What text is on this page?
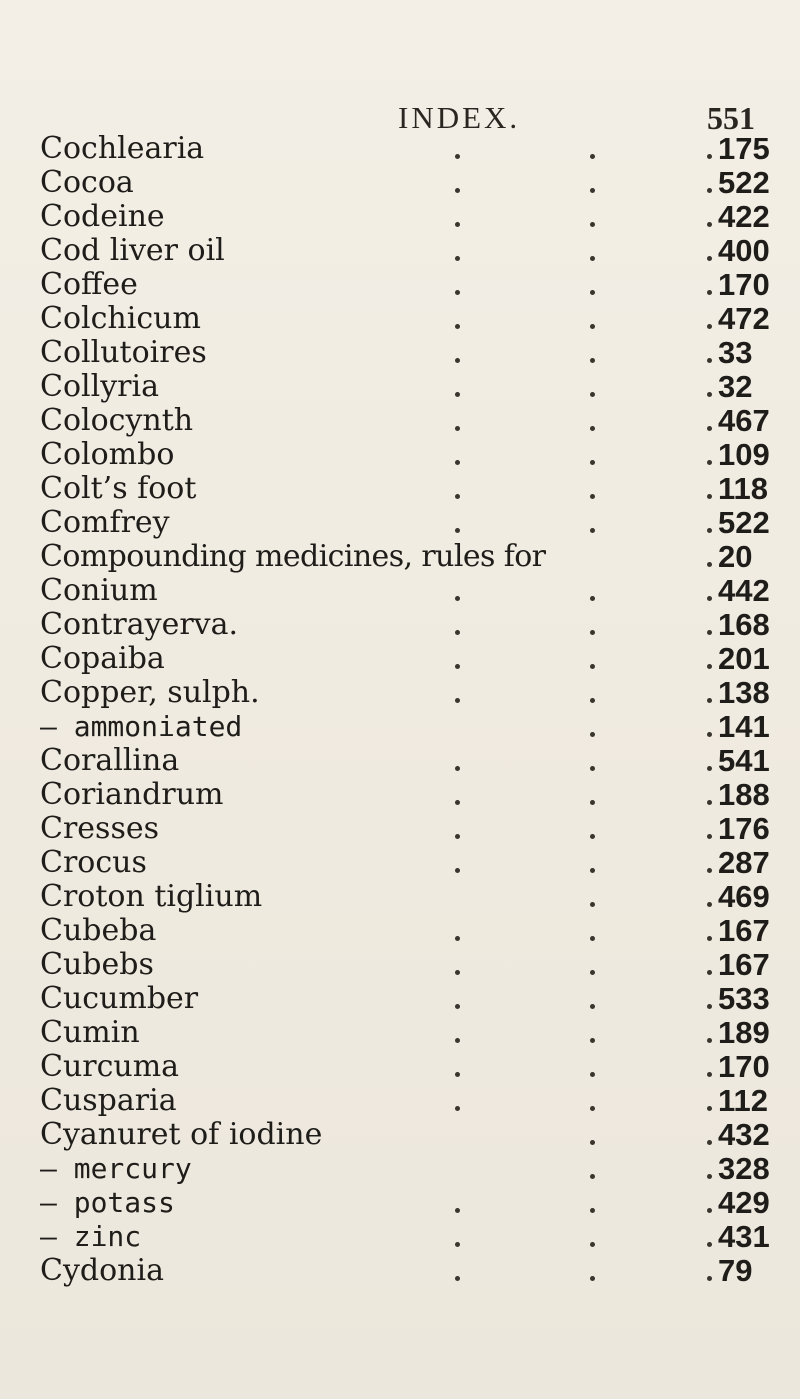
INDEX.	551
Cochlearia	175
Cocoa	522
Codeine	422
Cod liver oil	400
Coffee	170
Colchicum	472
Collutoires	33
Collyria	32
Colocynth	467
Colombo	109
Colt’s foot	118
Comfrey	522
Compounding medicines, rules for	20
Conium	442
Contrayerva.	168
Copaiba	201
Copper, sulph.	138
— ammoniated	141
Corallina	541
Coriandrum	188
Cresses	176
Crocus	287
Croton tiglium	469
Cubeba	167
Cubebs	167
Cucumber	533
Cumin	189
Curcuma	170
Cusparia	112
Cyanuret of iodine	432
— mercury	328
— potass	429
— zinc	431
Cydonia	79
